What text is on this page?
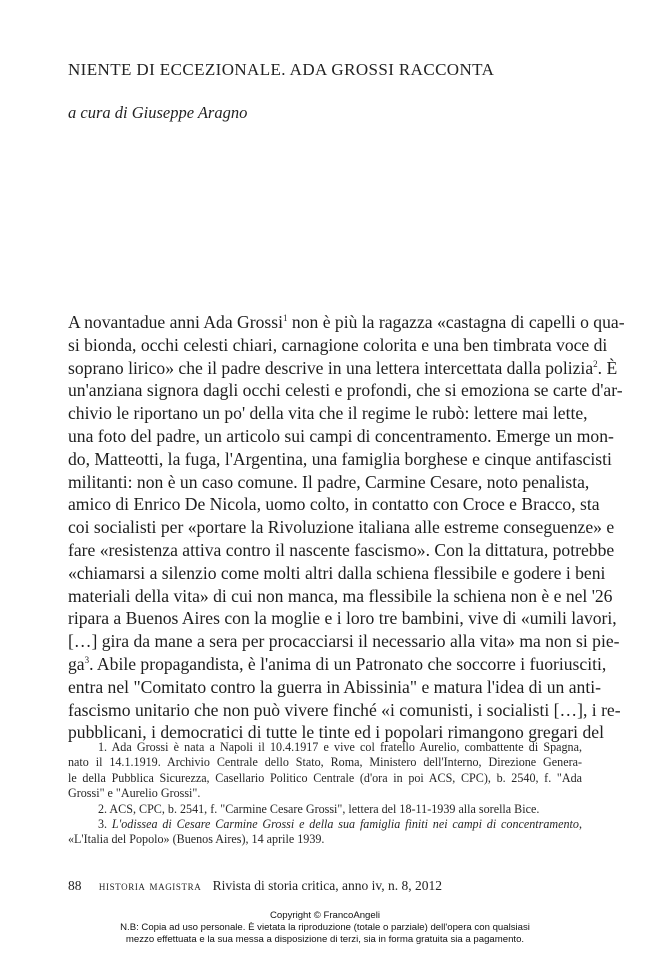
NIENTE DI ECCEZIONALE. ADA GROSSI RACCONTA
a cura di Giuseppe Aragno
A novantadue anni Ada Grossi$^1$ non è più la ragazza «castagna di capelli o qua-
si bionda, occhi celesti chiari, carnagione colorita e una ben timbrata voce di
soprano lirico» che il padre descrive in una lettera intercettata dalla polizia$^2$. È
un'anziana signora dagli occhi celesti e profondi, che si emoziona se carte d'ar-
chivio le riportano un po' della vita che il regime le rubò: lettere mai lette,
una foto del padre, un articolo sui campi di concentramento. Emerge un mon-
do, Matteotti, la fuga, l'Argentina, una famiglia borghese e cinque antifascisti
militanti: non è un caso comune. Il padre, Carmine Cesare, noto penalista,
amico di Enrico De Nicola, uomo colto, in contatto con Croce e Bracco, sta
coi socialisti per «portare la Rivoluzione italiana alle estreme conseguenze» e
fare «resistenza attiva contro il nascente fascismo». Con la dittatura, potrebbe
«chiamarsi a silenzio come molti altri dalla schiena flessibile e godere i beni
materiali della vita» di cui non manca, ma flessibile la schiena non è e nel '26
ripara a Buenos Aires con la moglie e i loro tre bambini, vive di «umili lavori,
[…] gira da mane a sera per procacciarsi il necessario alla vita» ma non si pie-
$ga^3$. Abile propagandista, è l'anima di un Patronato che soccorre i fuoriusciti,
entra nel "Comitato contro la guerra in Abissinia" e matura l'idea di un anti-
fascismo unitario che non può vivere finché «i comunisti, i socialisti […], i re-
pubblicani, i democratici di tutte le tinte ed i popolari rimangono gregari del
1. Ada Grossi è nata a Napoli il 10.4.1917 e vive col fratello Aurelio, combattente di Spagna,
nato il 14.1.1919. Archivio Centrale dello Stato, Roma, Ministero dell'Interno, Direzione Genera-
le della Pubblica Sicurezza, Casellario Politico Centrale (d'ora in poi ACS, CPC), b. 2540, f. "Ada
Grossi" e "Aurelio Grossi".
2. ACS, CPC, b. 2541, f. "Carmine Cesare Grossi", lettera del 18-11-1939 alla sorella Bice.
3. L'odissea di Cesare Carmine Grossi e della sua famiglia finiti nei campi di concentramento,
«L'Italia del Popolo» (Buenos Aires), 14 aprile 1939.
88 historia magistra Rivista di storia critica, anno iv, n. 8, 2012
Copyright © FrancoAngeli
N.B: Copia ad uso personale. È vietata la riproduzione (totale o parziale) dell'opera con qualsiasi
mezzo effettuata e la sua messa a disposizione di terzi, sia in forma gratuita sia a pagamento.
